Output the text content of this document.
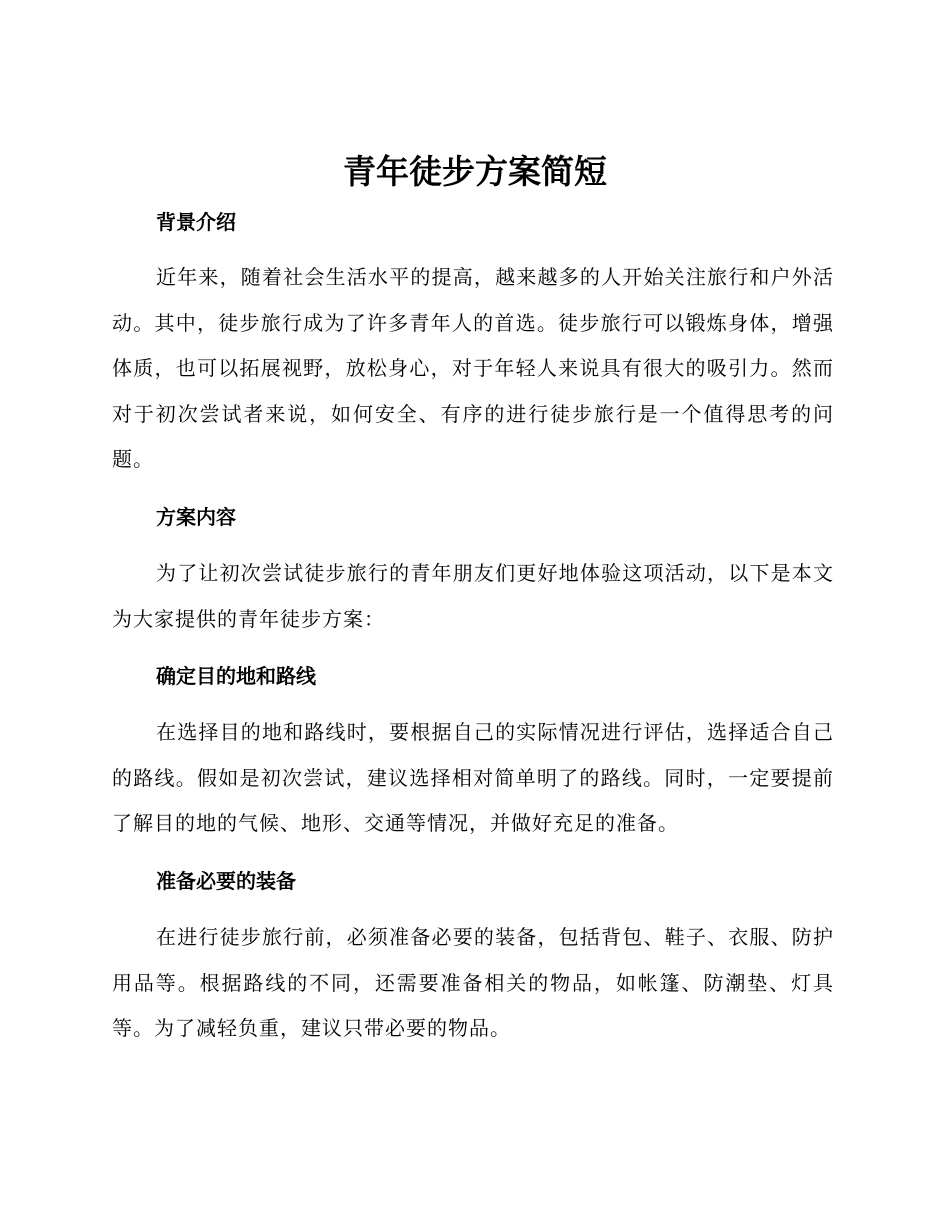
青年徒步方案简短
背景介绍

近年来，随着社会生活水平的提高，越来越多的人开始关注旅行和户外活动。其中，徒步旅行成为了许多青年人的首选。徒步旅行可以锻炼身体，增强体质，也可以拓展视野，放松身心，对于年轻人来说具有很大的吸引力。然而对于初次尝试者来说，如何安全、有序的进行徒步旅行是一个值得思考的问题。

方案内容

为了让初次尝试徒步旅行的青年朋友们更好地体验这项活动，以下是本文为大家提供的青年徒步方案：

确定目的地和路线

在选择目的地和路线时，要根据自己的实际情况进行评估，选择适合自己的路线。假如是初次尝试，建议选择相对简单明了的路线。同时，一定要提前了解目的地的气候、地形、交通等情况，并做好充足的准备。

准备必要的装备

在进行徒步旅行前，必须准备必要的装备，包括背包、鞋子、衣服、防护用品等。根据路线的不同，还需要准备相关的物品，如帐篷、防潮垫、灯具等。为了减轻负重，建议只带必要的物品。
